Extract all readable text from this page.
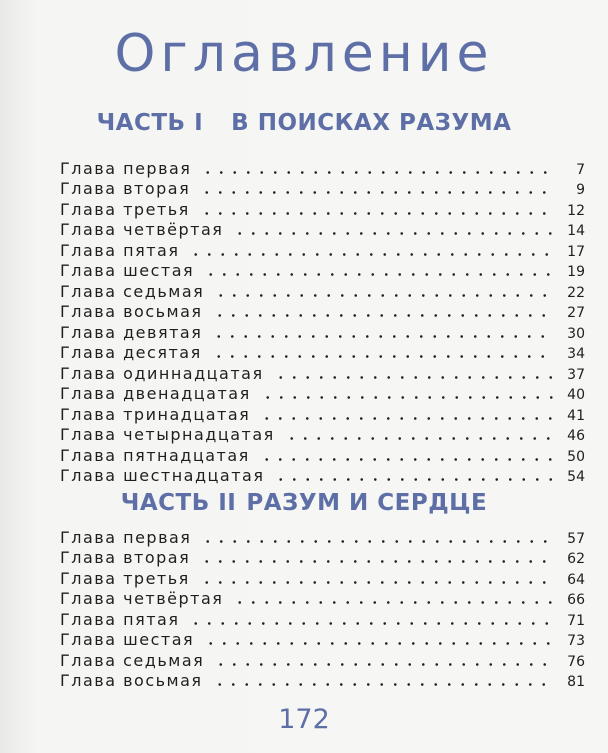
Оглавление
ЧАСТЬ I В ПОИСКАХ РАЗУМА
Глава первая	7
Глава вторая	9
Глава третья	12
Глава четвёртая	14
Глава пятая	17
Глава шестая	19
Глава седьмая	22
Глава восьмая	27
Глава девятая	30
Глава десятая	34
Глава одиннадцатая	37
Глава двенадцатая	40
Глава тринадцатая	41
Глава четырнадцатая	46
Глава пятнадцатая	50
Глава шестнадцатая	54
ЧАСТЬ II РАЗУМ И СЕРДЦЕ
Глава первая	57
Глава вторая	62
Глава третья	64
Глава четвёртая	66
Глава пятая	71
Глава шестая	73
Глава седьмая	76
Глава восьмая	81
172
